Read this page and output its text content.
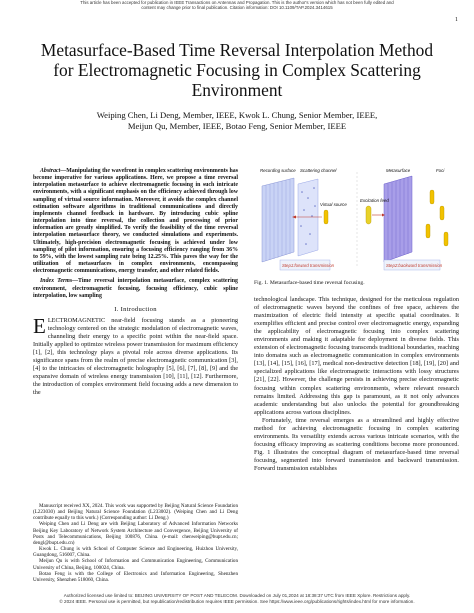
This article has been accepted for publication in IEEE Transactions on Antennas and Propagation. This is the author's version which has not been fully edited and
content may change prior to final publication. Citation information: DOI 10.1109/TAP.2024.3414615
1
Metasurface-Based Time Reversal Interpolation Method for Electromagnetic Focusing in Complex Scattering Environment
Weiping Chen, Li Deng, Member, IEEE, Kwok L. Chung, Senior Member, IEEE,
Meijun Qu, Member, IEEE, Botao Feng, Senior Member, IEEE

Abstract—Manipulating the wavefront in complex scattering environments has become imperative for various applications. Here, we propose a time reversal interpolation metasurface to achieve electromagnetic focusing in such intricate environments, with a significant emphasis on the efficiency achieved through low sampling of virtual source information. Moreover, it avoids the complex channel estimation software algorithms in traditional communications and directly implements channel feedback in hardware. By introducing cubic spline interpolation into time reversal, the collection and processing of prior information are greatly simplified. To verify the feasibility of the time reversal interpolation metasurface theory, we conducted simulations and experiments. Ultimately, high-precision electromagnetic focusing is achieved under low sampling of pilot information, ensuring a focusing efficiency ranging from 36% to 59%, with the lowest sampling rate being 12.25%. This paves the way for the utilization of metasurfaces in complex environments, encompassing electromagnetic communications, energy transfer, and other related fields.

Index Terms—Time reversal interpolation metasurface, complex scattering environment, electromagnetic focusing, focusing efficiency, cubic spline interpolation, low sampling

I. Introduction

ELECTROMAGNETIC near-field focusing stands as a pioneering technology centered on the strategic modulation of electromagnetic waves, channeling their energy to a specific point within the near-field space. Initially applied to optimize wireless power transmission for maximum efficiency [1], [2], this technology plays a pivotal role across diverse applications. Its significance spans from the realm of precise electromagnetic communication [3], [4] to the intricacies of electromagnetic holography [5], [6], [7], [8], [9] and the expansive domain of wireless energy transmission [10], [11], [12]. Furthermore, the introduction of complex environment field focusing adds a new dimension to the

Manuscript received XX, 2024. This work was supported by Beijing Natural Science Foundation (L223030) and Beijing Natural Science Foundation (L233002). (Weiping Chen and Li Deng contribute equally to this work.) (Corresponding author: Li Deng.)

Weiping Chen and Li Deng are with Beijing Laboratory of Advanced Information Networks Beijing Key Laboratory of Network System Architecture and Convergence, Beijing University of Posts and Telecommunications, Beijing 100876, China. (e-mail: chenweiping@bupt.edu.cn; dengl@bupt.edu.cn)

Kwok L. Chung is with School of Computer Science and Engineering, Huizhou University, Guangdong, 516007, China.

Meijun Qu is with School of Information and Communication Engineering, Communication University of China, Beijing, 100024, China.

Botao Feng is with the College of Electronics and Information Engineering, Shenzhen University, Shenzhen 518060, China.

Recording surface Scattering channel
Virtual source
Excitation feed
Metasurface	Foci
Step1:forward transmission	Step2:backward transmission
Fig. 1. Metasurface-based time reversal focusing.

technological landscape. This technique, designed for the meticulous regulation of electromagnetic waves beyond the confines of free space, achieves the maximization of electric field intensity at specific spatial coordinates. It exemplifies efficient and precise control over electromagnetic energy, expanding the applicability of electromagnetic focusing into complex scattering environments and making it adaptable for deployment in diverse fields. This extension of electromagnetic focusing transcends traditional boundaries, reaching into domains such as electromagnetic communication in complex environments [13], [14], [15], [16], [17], medical non-destructive detection [18], [19], [20] and specialized applications like electromagnetic interactions with lossy structures [21], [22]. However, the challenge persists in achieving precise electromagnetic focusing within complex scattering environments, where relevant research remains limited. Addressing this gap is paramount, as it not only advances academic understanding but also unlocks the potential for groundbreaking applications across various disciplines.

Fortunately, time reversal emerges as a streamlined and highly effective method for achieving electromagnetic focusing in complex scattering environments. Its versatility extends across various intricate scenarios, with the focusing efficacy improving as scattering conditions become more pronounced. Fig. 1 illustrates the conceptual diagram of metasurface-based time reversal focusing, segmented into forward transmission and backward transmission. Forward transmission establishes

Authorized licensed use limited to: BEIJING UNIVERSITY OF POST AND TELECOM. Downloaded on July 01,2024 at 18:38:37 UTC from IEEE Xplore. Restrictions apply.
© 2024 IEEE. Personal use is permitted, but republication/redistribution requires IEEE permission. See https://www.ieee.org/publications/rights/index.html for more information.
